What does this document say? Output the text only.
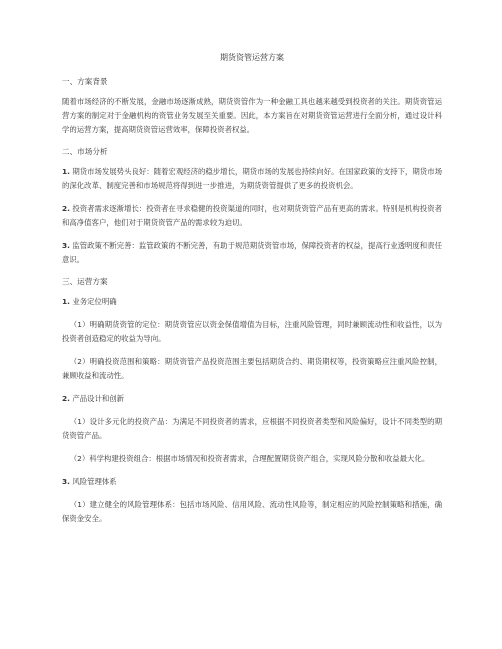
期货资管运营方案
一、方案背景

随着市场经济的不断发展，金融市场逐渐成熟，期货资管作为一种金融工具也越来越受到投资者的关注。期货资管运营方案的制定对于金融机构的资管业务发展至关重要。因此，本方案旨在对期货资管运营进行全面分析，通过设计科学的运营方案，提高期货资管运营效率，保障投资者权益。

二、市场分析

1. 期货市场发展势头良好：随着宏观经济的稳步增长，期货市场的发展也持续向好。在国家政策的支持下，期货市场的深化改革、制度完善和市场规范将得到进一步推进，为期货资管提供了更多的投资机会。

2. 投资者需求逐渐增长：投资者在寻求稳健的投资渠道的同时，也对期货资管产品有更高的需求。特别是机构投资者和高净值客户，他们对于期货资管产品的需求较为迫切。

3. 监管政策不断完善：监管政策的不断完善，有助于规范期货资管市场，保障投资者的权益，提高行业透明度和责任意识。

三、运营方案

1. 业务定位明确

（1）明确期货资管的定位：期货资管应以资金保值增值为目标，注重风险管理，同时兼顾流动性和收益性，以为投资者创造稳定的收益为导向。

（2）明确投资范围和策略：期货资管产品投资范围主要包括期货合约、期货期权等，投资策略应注重风险控制，兼顾收益和流动性。

2. 产品设计和创新

（1）设计多元化的投资产品：为满足不同投资者的需求，应根据不同投资者类型和风险偏好，设计不同类型的期货资管产品。

（2）科学构建投资组合：根据市场情况和投资者需求，合理配置期货资产组合，实现风险分散和收益最大化。

3. 风险管理体系

（1）建立健全的风险管理体系：包括市场风险、信用风险、流动性风险等，制定相应的风险控制策略和措施，确保资金安全。
